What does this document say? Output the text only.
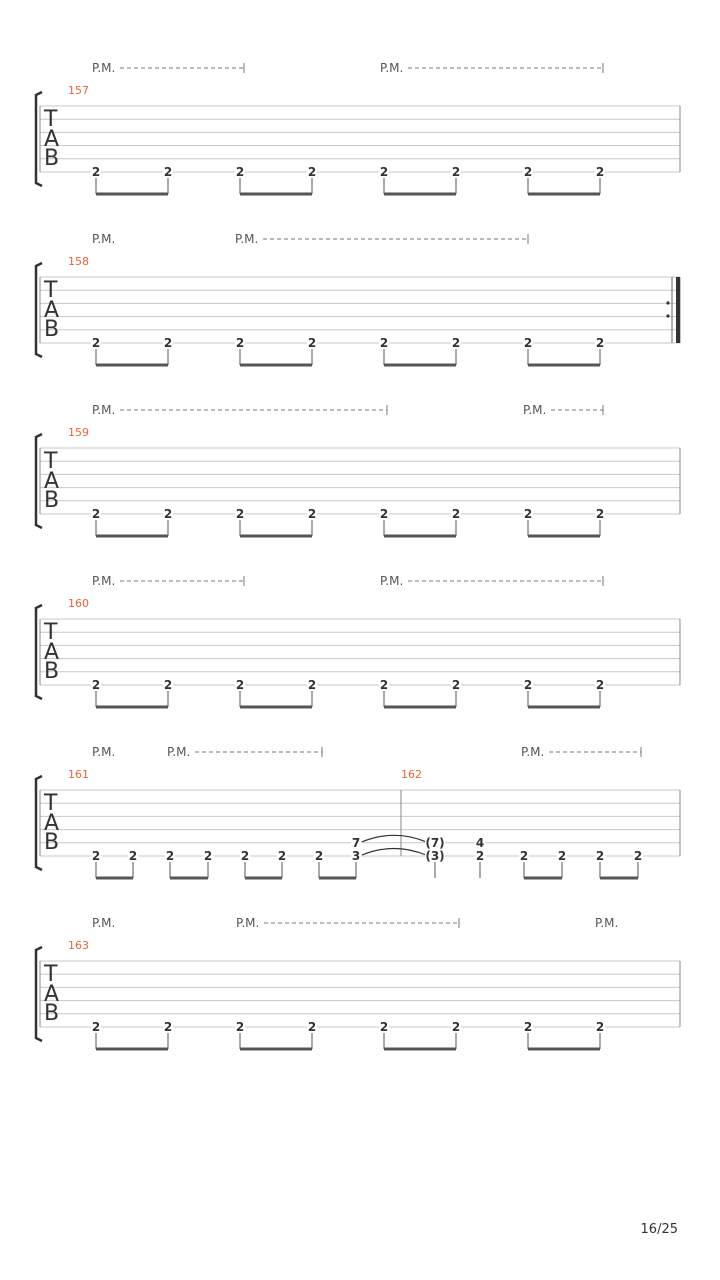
P.M.	P.M.
T
A
B
157
2	2	2	2	2	2	2	2
P.M.	P.M.
T
A
B
158
2	2	2	2	2	2	2	2
P.M.	P.M.
T
A
B
159
2	2	2	2	2	2	2	2
P.M.	P.M.
T
A
B
160
2	2	2	2	2	2	2	2
P.M.	P.M.	P.M.
T
A
B
161	162
2 2 2 2 2 2 2
7
3
(7)
(3)
4
2	2 2 2 2
P.M.	P.M.	P.M.
T
A
B
163
2	2	2	2	2	2	2	2
16/25
